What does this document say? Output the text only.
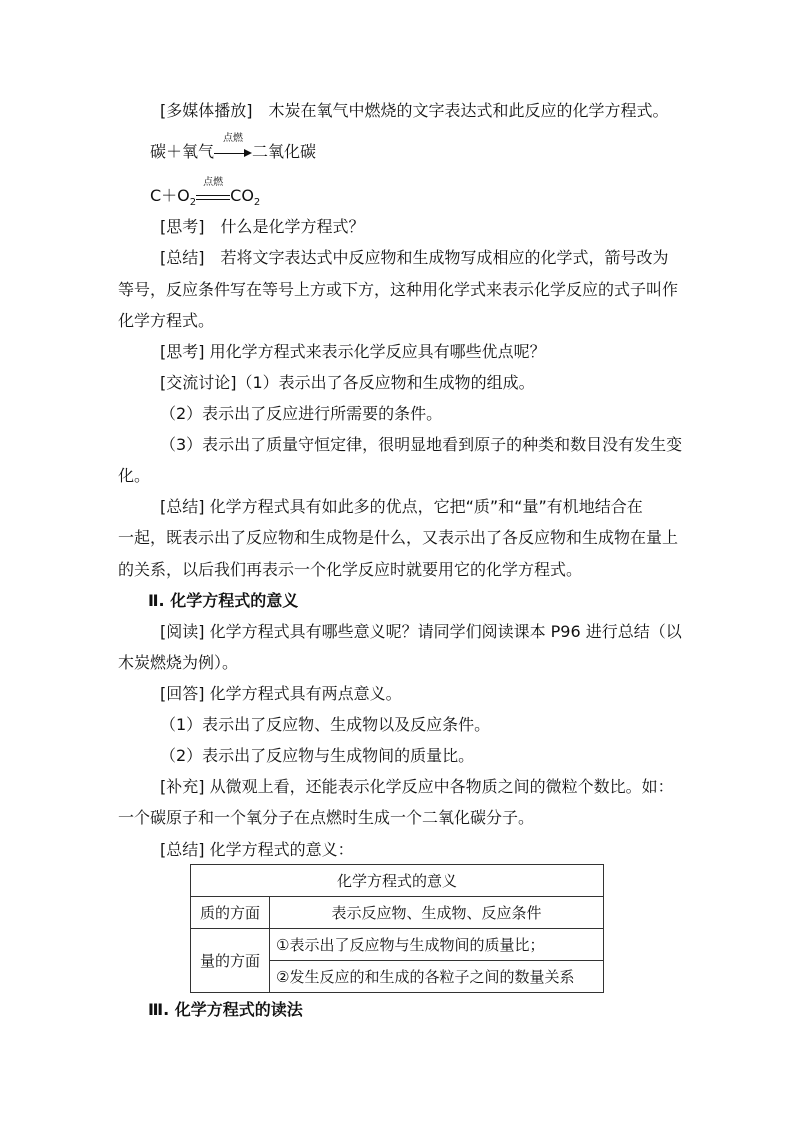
[多媒体播放]　木炭在氧气中燃烧的文字表达式和此反应的化学方程式。
碳＋氧气
点燃
二氧化碳
$C+O_2$
点燃
$CO_2$
[思考]　什么是化学方程式？
[总结]　若将文字表达式中反应物和生成物写成相应的化学式，箭号改为
等号，反应条件写在等号上方或下方，这种用化学式来表示化学反应的式子叫作
化学方程式。
[思考] 用化学方程式来表示化学反应具有哪些优点呢？
[交流讨论]（1）表示出了各反应物和生成物的组成。
（2）表示出了反应进行所需要的条件。
（3）表示出了质量守恒定律，很明显地看到原子的种类和数目没有发生变
化。
[总结] 化学方程式具有如此多的优点，它把“质”和“量”有机地结合在
一起，既表示出了反应物和生成物是什么，又表示出了各反应物和生成物在量上
的关系，以后我们再表示一个化学反应时就要用它的化学方程式。
Ⅱ. 化学方程式的意义
[阅读] 化学方程式具有哪些意义呢？请同学们阅读课本 P96 进行总结（以
木炭燃烧为例）。
[回答] 化学方程式具有两点意义。
（1）表示出了反应物、生成物以及反应条件。
（2）表示出了反应物与生成物间的质量比。
[补充] 从微观上看，还能表示化学反应中各物质之间的微粒个数比。如：
一个碳原子和一个氧分子在点燃时生成一个二氧化碳分子。
[总结] 化学方程式的意义：
化学方程式的意义	
质的方面	表示反应物、生成物、反应条件
量的方面	①表示出了反应物与生成物间的质量比；
	②发生反应的和生成的各粒子之间的数量关系
Ⅲ. 化学方程式的读法
